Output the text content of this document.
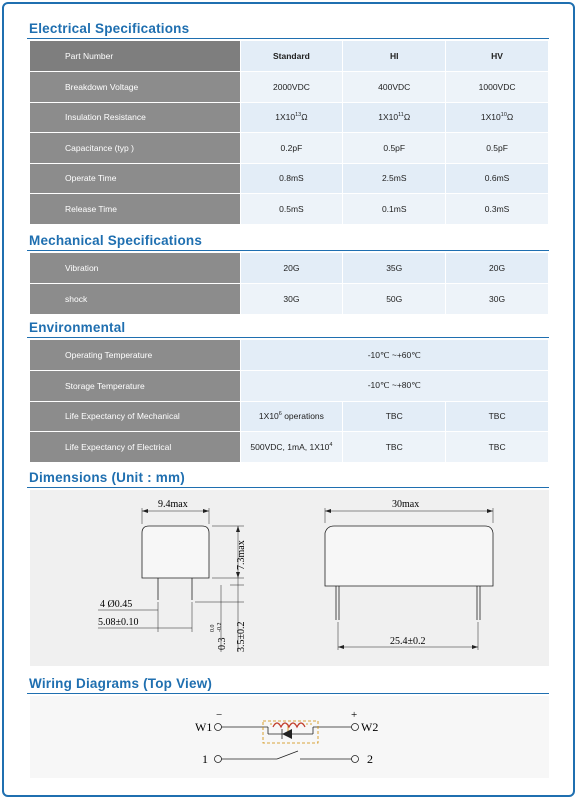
Electrical Specifications
Part Number	Standard	HI	HV
Breakdown Voltage	2000VDC	400VDC	1000VDC
Insulation Resistance	$1X10^{13}\Omega$	$1X10^{11}\Omega$	$1X10^{10}\Omega$
Capacitance (typ )	0.2pF	0.5pF	0.5pF
Operate Time	0.8mS	2.5mS	0.6mS
Release Time	0.5mS	0.1mS	0.3mS
Mechanical Specifications
Vibration	20G	35G	20G
shock	30G	50G	30G
Environmental
Operating Temperature	-10℃ ~+60℃		
Storage Temperature	-10℃ ~+80℃		
Life Expectancy of Mechanical	$1X10^6$ operations	TBC	TBC
Life Expectancy of Electrical	500VDC, 1mA, $1X10^4$	TBC	TBC
Dimensions (Unit : mm)
9.4max	30max
4 Ø0.45
5.08±0.10
25.4±0.2
7.3max
3.5±0.2
0.3
0.0 -0.2
Wiring Diagrams (Top View)
W1	W2
−	+
1	2
